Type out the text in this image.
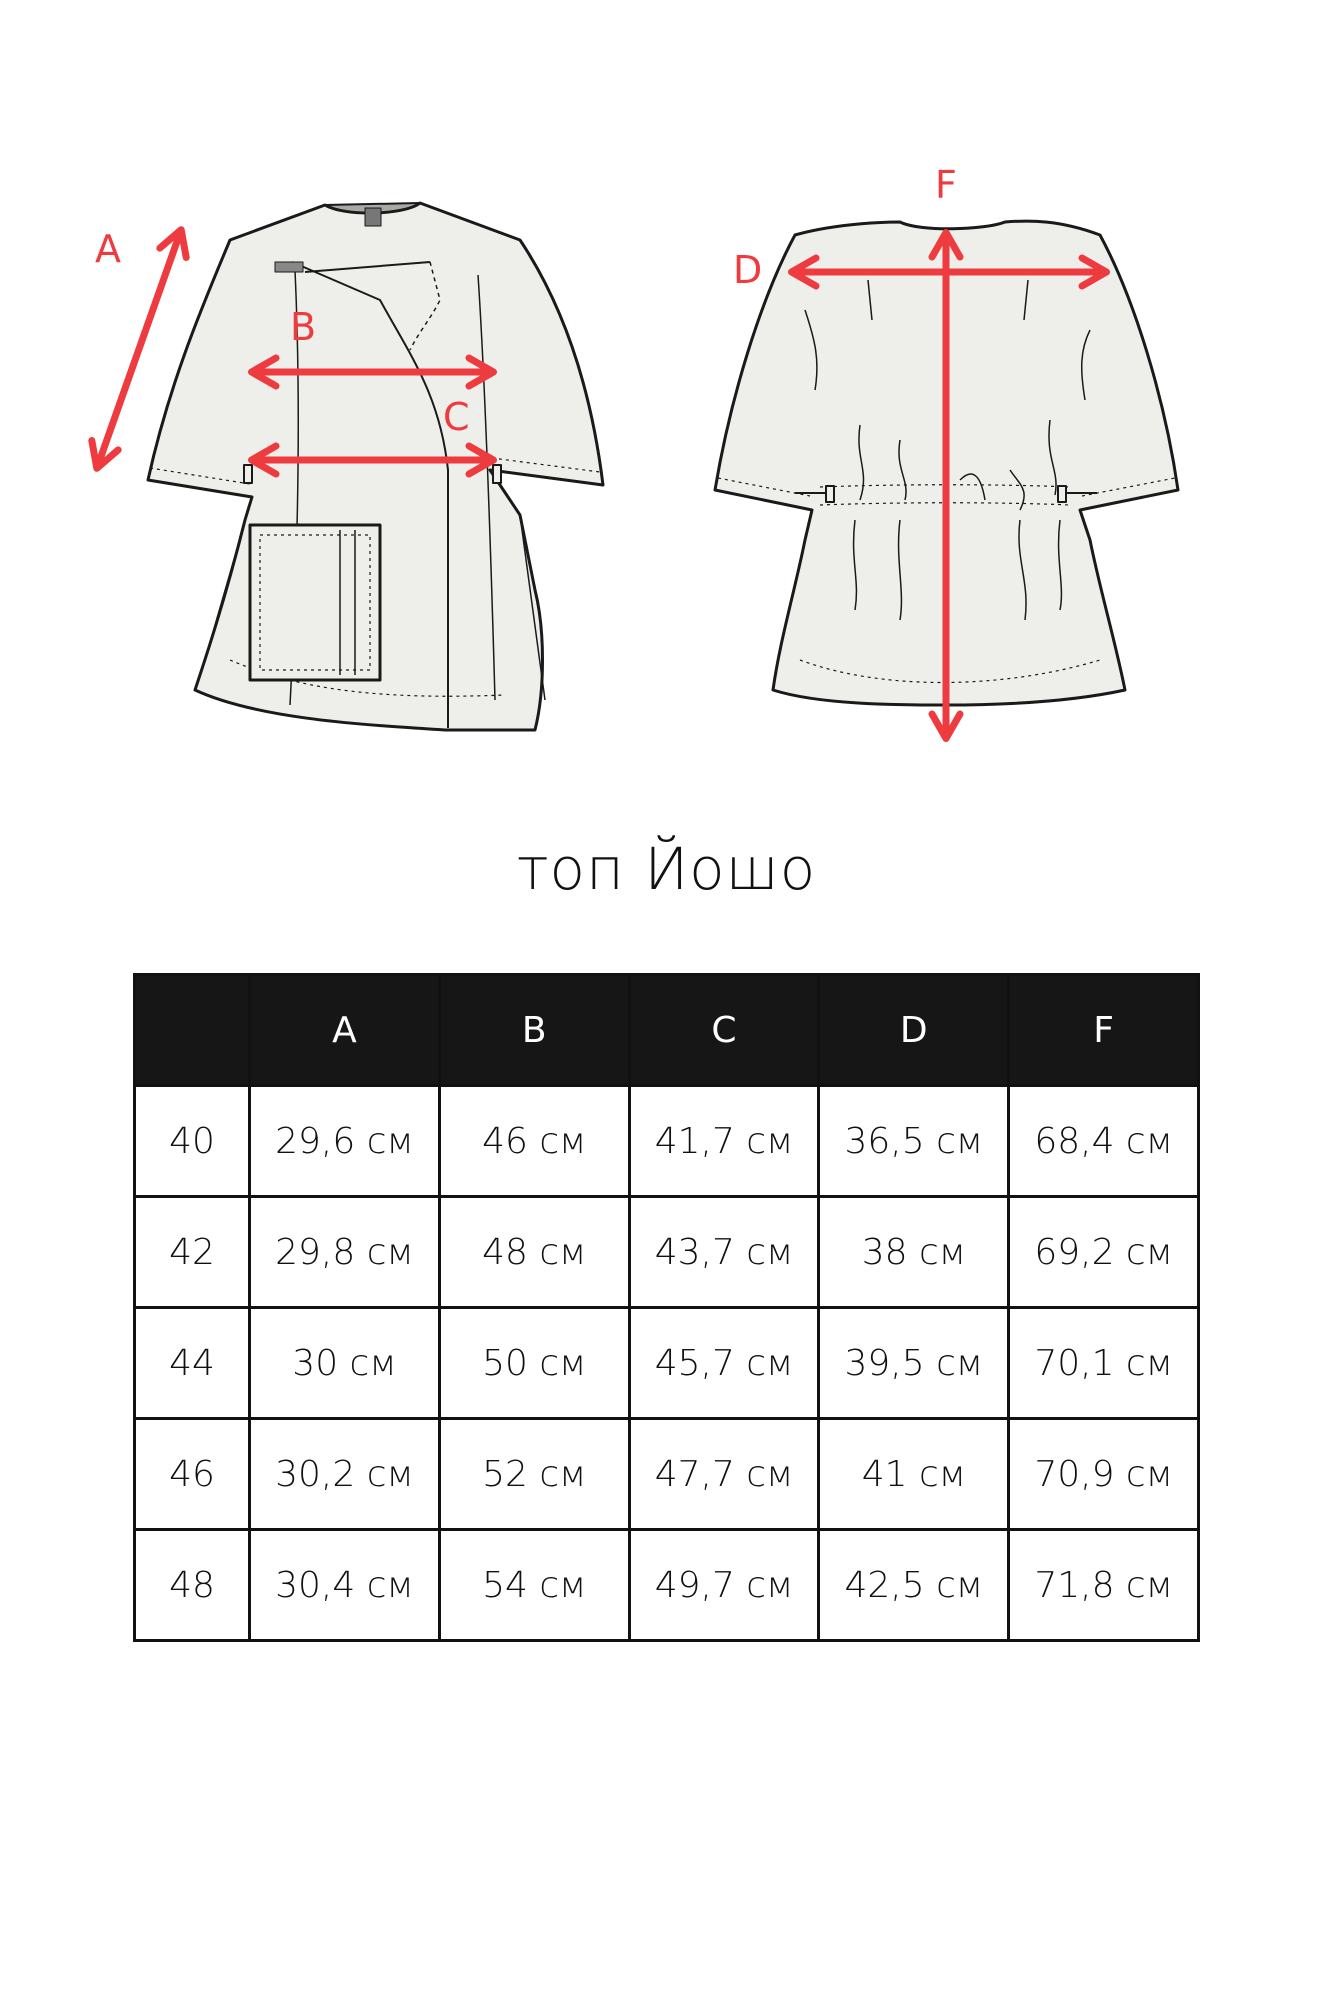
A
B
C
D
F
топ Йошо
	A	B	C	D	F
40	29,6 см	46 см	41,7 см	36,5 см	68,4 см
42	29,8 см	48 см	43,7 см	38 см	69,2 см
44	30 см	50 см	45,7 см	39,5 см	70,1 см
46	30,2 см	52 см	47,7 см	41 см	70,9 см
48	30,4 см	54 см	49,7 см	42,5 см	71,8 см
